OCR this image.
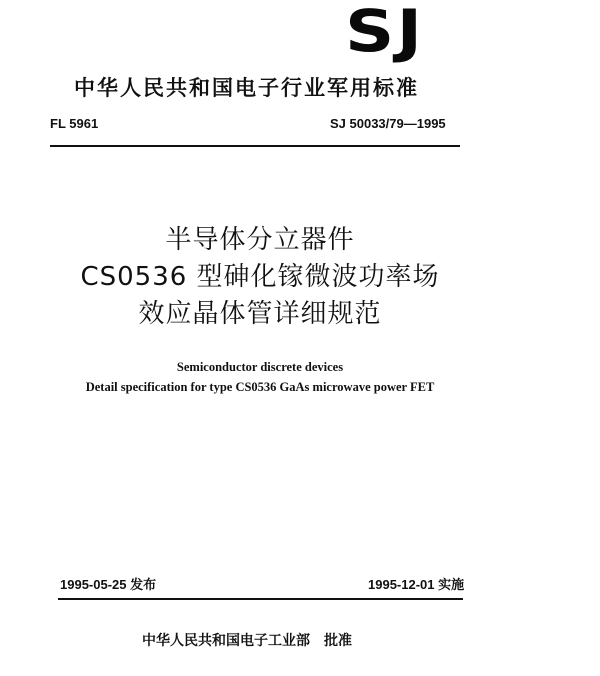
SJ
中华人民共和国电子行业军用标准
FL 5961	SJ 50033/79—1995
半导体分立器件
CS0536 型砷化镓微波功率场
效应晶体管详细规范
Semiconductor discrete devices
Detail specification for type CS0536 GaAs microwave power FET
1995-05-25 发布	1995-12-01 实施
中华人民共和国电子工业部 批准
